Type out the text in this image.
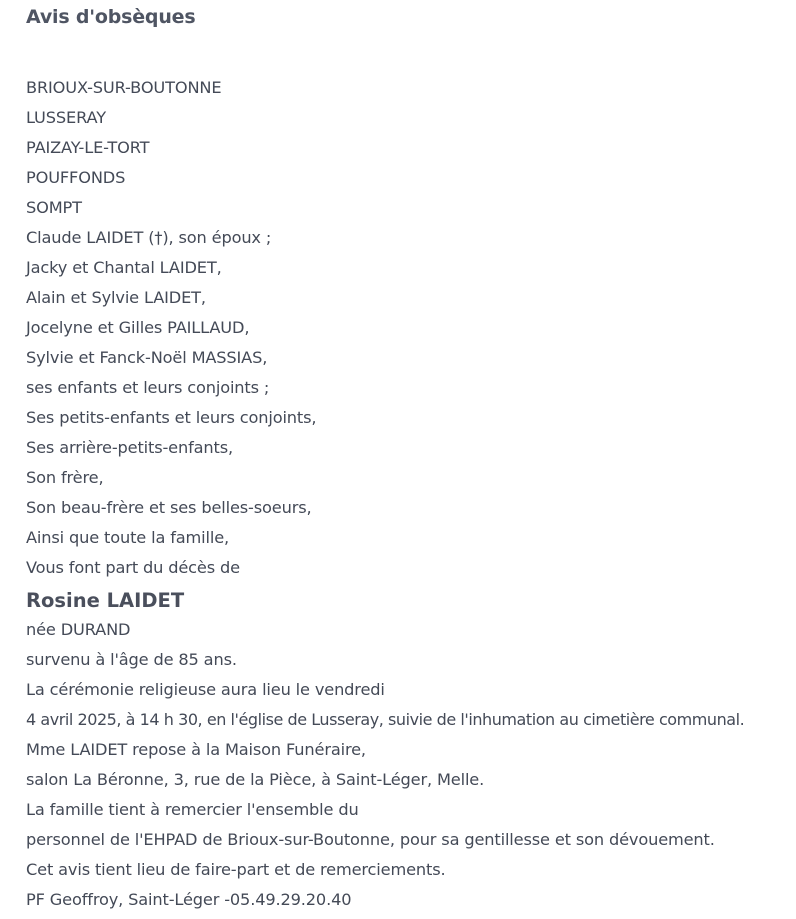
Avis d'obsèques
BRIOUX-SUR-BOUTONNE
LUSSERAY
PAIZAY-LE-TORT
POUFFONDS
SOMPT
Claude LAIDET (†), son époux ;
Jacky et Chantal LAIDET,
Alain et Sylvie LAIDET,
Jocelyne et Gilles PAILLAUD,
Sylvie et Fanck-Noël MASSIAS,
ses enfants et leurs conjoints ;
Ses petits-enfants et leurs conjoints,
Ses arrière-petits-enfants,
Son frère,
Son beau-frère et ses belles-soeurs,
Ainsi que toute la famille,
Vous font part du décès de
Rosine LAIDET
née DURAND
survenu à l'âge de 85 ans.
La cérémonie religieuse aura lieu le vendredi
4 avril 2025, à 14 h 30, en l'église de Lusseray, suivie de l'inhumation au cimetière communal.
Mme LAIDET repose à la Maison Funéraire,
salon La Béronne, 3, rue de la Pièce, à Saint-Léger, Melle.
La famille tient à remercier l'ensemble du
personnel de l'EHPAD de Brioux-sur-Boutonne, pour sa gentillesse et son dévouement.
Cet avis tient lieu de faire-part et de remerciements.
PF Geoffroy, Saint-Léger -05.49.29.20.40
